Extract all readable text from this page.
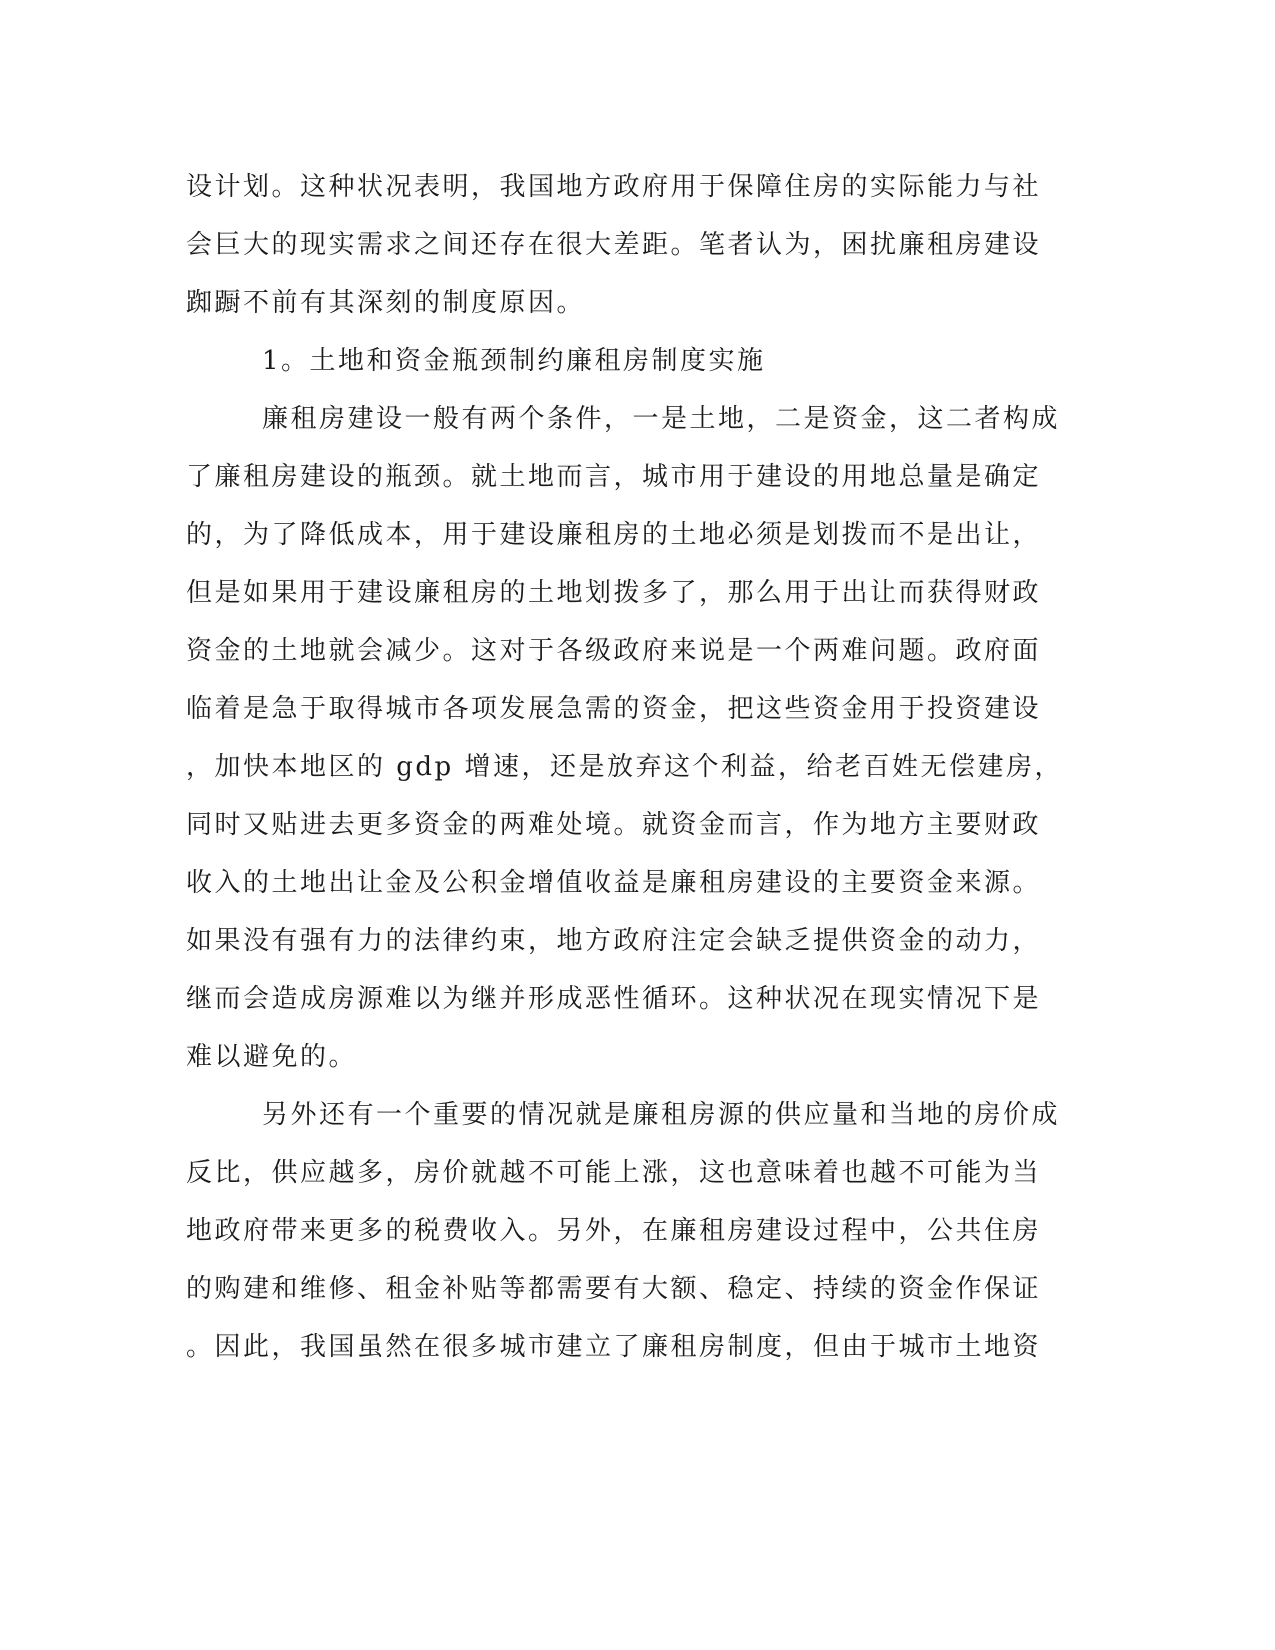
设计划。这种状况表明，我国地方政府用于保障住房的实际能力与社
会巨大的现实需求之间还存在很大差距。笔者认为，困扰廉租房建设
踟蹰不前有其深刻的制度原因。
1。土地和资金瓶颈制约廉租房制度实施
廉租房建设一般有两个条件，一是土地，二是资金，这二者构成
了廉租房建设的瓶颈。就土地而言，城市用于建设的用地总量是确定
的，为了降低成本，用于建设廉租房的土地必须是划拨而不是出让，
但是如果用于建设廉租房的土地划拨多了，那么用于出让而获得财政
资金的土地就会减少。这对于各级政府来说是一个两难问题。政府面
临着是急于取得城市各项发展急需的资金，把这些资金用于投资建设
，加快本地区的 gdp 增速，还是放弃这个利益，给老百姓无偿建房，
同时又贴进去更多资金的两难处境。就资金而言，作为地方主要财政
收入的土地出让金及公积金增值收益是廉租房建设的主要资金来源。
如果没有强有力的法律约束，地方政府注定会缺乏提供资金的动力，
继而会造成房源难以为继并形成恶性循环。这种状况在现实情况下是
难以避免的。
另外还有一个重要的情况就是廉租房源的供应量和当地的房价成
反比，供应越多，房价就越不可能上涨，这也意味着也越不可能为当
地政府带来更多的税费收入。另外，在廉租房建设过程中，公共住房
的购建和维修、租金补贴等都需要有大额、稳定、持续的资金作保证
。因此，我国虽然在很多城市建立了廉租房制度，但由于城市土地资
